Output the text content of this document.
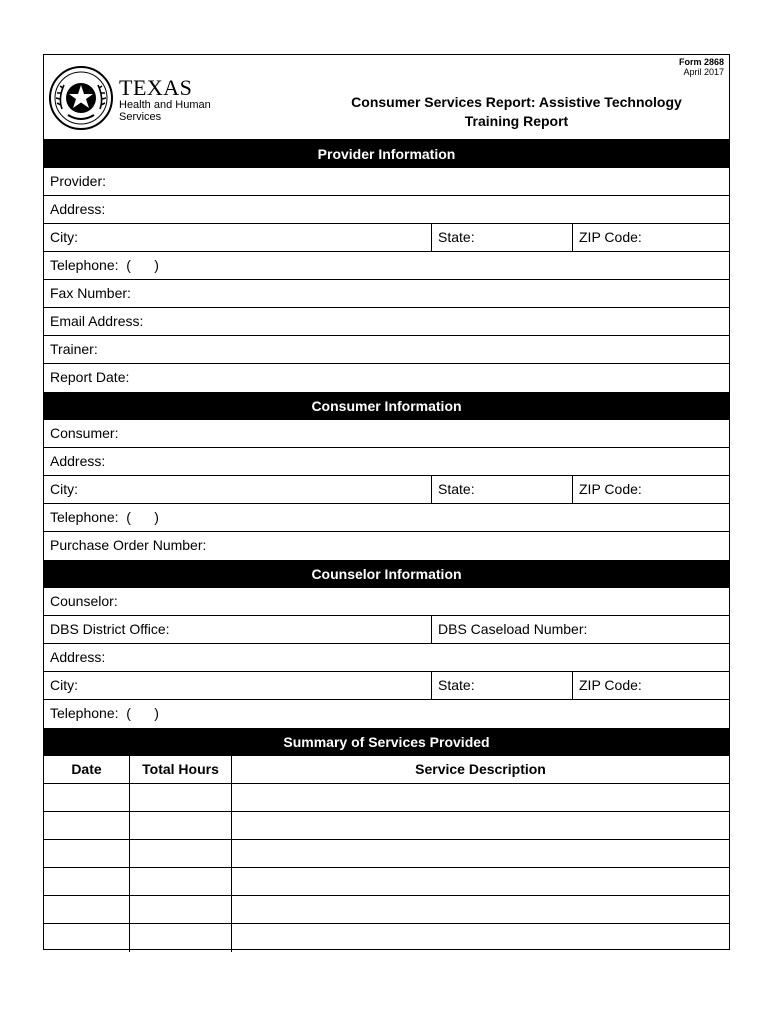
TEXAS
Health and Human
Services
Form 2868
April 2017
Consumer Services Report: Assistive Technology
Training Report
Provider Information
Provider:
Address:
City:	State:	ZIP Code:
Telephone:  (      )
Fax Number:
Email Address:
Trainer:
Report Date:
Consumer Information
Consumer:
Address:
City:	State:	ZIP Code:
Telephone:  (      )
Purchase Order Number:
Counselor Information
Counselor:
DBS District Office:	DBS Caseload Number:
Address:
City:	State:	ZIP Code:
Telephone:  (      )
Summary of Services Provided
Date	Total Hours	Service Description
